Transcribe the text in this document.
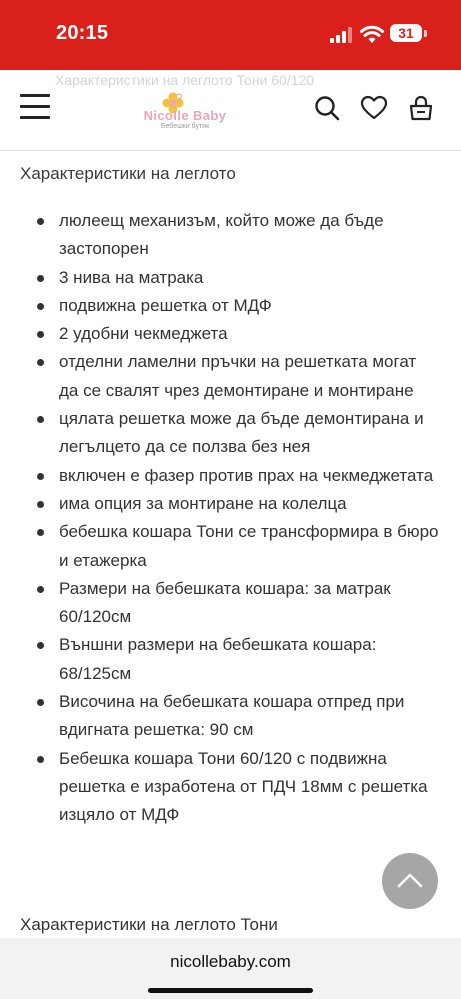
20:15	31
Характеристики на леглото Тони 60/120
Nicolle Baby
Бебешки бутик
Характеристики на леглото
люлеещ механизъм, който може да бъде застопорен
3 нива на матрака
подвижна решетка от МДФ
2 удобни чекмеджета
отделни ламелни пръчки на решетката могат да се свалят чрез демонтиране и монтиране
цялата решетка може да бъде демонтирана и легълцето да се ползва без нея
включен е фазер против прах на чекмеджетата
има опция за монтиране на колелца
бебешка кошара Тони се трансформира в бюро и етажерка
Размери на бебешката кошара: за матрак 60/120см
Външни размери на бебешката кошара: 68/125см
Височина на бебешката кошара отпред при вдигната решетка: 90 см
Бебешка кошара Тони 60/120 с подвижна решетка е изработена от ПДЧ 18мм с решетка изцяло от МДФ
Характеристики на леглото Тони
nicollebaby.com
